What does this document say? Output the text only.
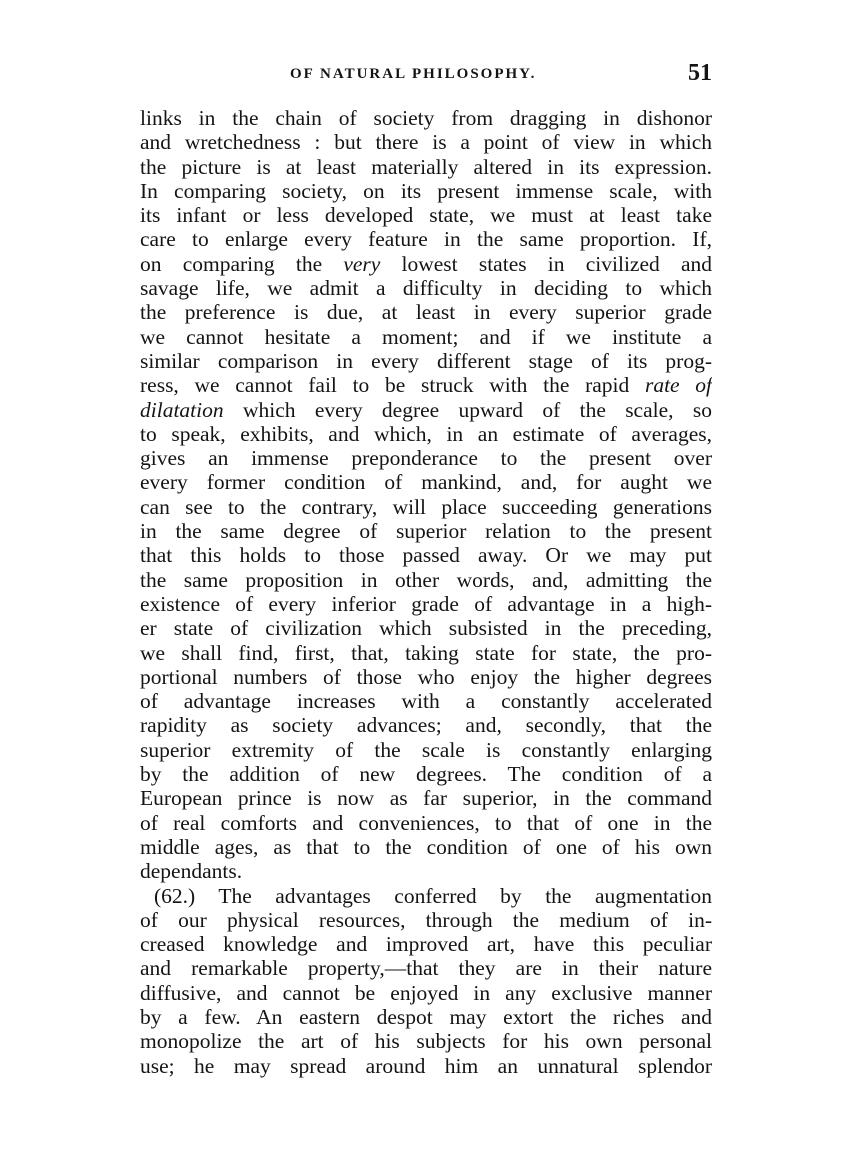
OF NATURAL PHILOSOPHY.	51
links in the chain of society from dragging in dishonor
and wretchedness : but there is a point of view in which
the picture is at least materially altered in its expression.
In comparing society, on its present immense scale, with
its infant or less developed state, we must at least take
care to enlarge every feature in the same proportion. If,
on comparing the very lowest states in civilized and
savage life, we admit a difficulty in deciding to which
the preference is due, at least in every superior grade
we cannot hesitate a moment; and if we institute a
similar comparison in every different stage of its prog-
ress, we cannot fail to be struck with the rapid rate of
dilatation which every degree upward of the scale, so
to speak, exhibits, and which, in an estimate of averages,
gives an immense preponderance to the present over
every former condition of mankind, and, for aught we
can see to the contrary, will place succeeding generations
in the same degree of superior relation to the present
that this holds to those passed away. Or we may put
the same proposition in other words, and, admitting the
existence of every inferior grade of advantage in a high-
er state of civilization which subsisted in the preceding,
we shall find, first, that, taking state for state, the pro-
portional numbers of those who enjoy the higher degrees
of advantage increases with a constantly accelerated
rapidity as society advances; and, secondly, that the
superior extremity of the scale is constantly enlarging
by the addition of new degrees. The condition of a
European prince is now as far superior, in the command
of real comforts and conveniences, to that of one in the
middle ages, as that to the condition of one of his own
dependants.
(62.) The advantages conferred by the augmentation
of our physical resources, through the medium of in-
creased knowledge and improved art, have this peculiar
and remarkable property,—that they are in their nature
diffusive, and cannot be enjoyed in any exclusive manner
by a few. An eastern despot may extort the riches and
monopolize the art of his subjects for his own personal
use; he may spread around him an unnatural splendor
